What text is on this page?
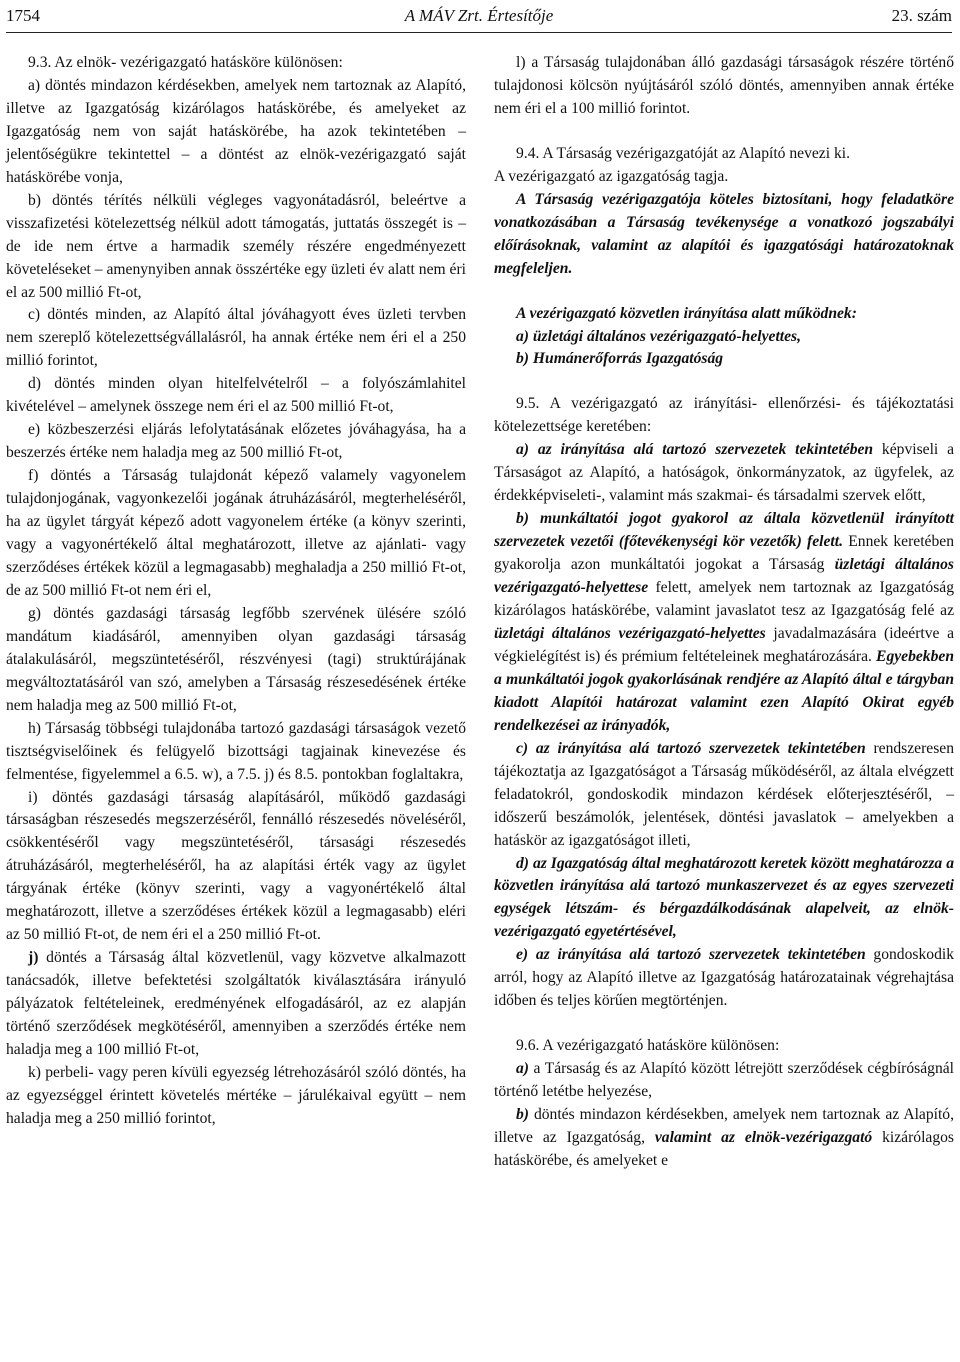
1754	A MÁV Zrt. Értesítője	23. szám

9.3. Az elnök- vezérigazgató hatásköre különösen:

a) döntés mindazon kérdésekben, amelyek nem tartoznak az Alapító, illetve az Igazgatóság kizárólagos hatáskörébe, és amelyeket az Igazgatóság nem von saját hatáskörébe, ha azok tekintetében – jelentőségükre tekintettel – a döntést az elnök-vezérigazgató saját hatáskörébe vonja,

b) döntés térítés nélküli végleges vagyonátadásról, beleértve a visszafizetési kötelezettség nélkül adott támogatás, juttatás összegét is – de ide nem értve a harmadik személy részére engedményezett követeléseket – amenynyiben annak összértéke egy üzleti év alatt nem éri el az 500 millió Ft-ot,

c) döntés minden, az Alapító által jóváhagyott éves üzleti tervben nem szereplő kötelezettségvállalásról, ha annak értéke nem éri el a 250 millió forintot,

d) döntés minden olyan hitelfelvételről – a folyószámlahitel kivételével – amelynek összege nem éri el az 500 millió Ft-ot,

e) közbeszerzési eljárás lefolytatásának előzetes jóváhagyása, ha a beszerzés értéke nem haladja meg az 500 millió Ft-ot,

f) döntés a Társaság tulajdonát képező valamely vagyonelem tulajdonjogának, vagyonkezelői jogának átruházásáról, megterheléséről, ha az ügylet tárgyát képező adott vagyonelem értéke (a könyv szerinti, vagy a vagyonértékelő által meghatározott, illetve az ajánlati- vagy szerződéses értékek közül a legmagasabb) meghaladja a 250 millió Ft-ot, de az 500 millió Ft-ot nem éri el,

g) döntés gazdasági társaság legfőbb szervének ülésére szóló mandátum kiadásáról, amennyiben olyan gazdasági társaság átalakulásáról, megszüntetéséről, részvényesi (tagi) struktúrájának megváltoztatásáról van szó, amelyben a Társaság részesedésének értéke nem haladja meg az 500 millió Ft-ot,

h) Társaság többségi tulajdonába tartozó gazdasági társaságok vezető tisztségviselőinek és felügyelő bizottsági tagjainak kinevezése és felmentése, figyelemmel a 6.5. w), a 7.5. j) és 8.5. pontokban foglaltakra,

i) döntés gazdasági társaság alapításáról, működő gazdasági társaságban részesedés megszerzéséről, fennálló részesedés növeléséről, csökkentéséről vagy megszüntetéséről, társasági részesedés átruházásáról, megterheléséről, ha az alapítási érték vagy az ügylet tárgyának értéke (könyv szerinti, vagy a vagyonértékelő által meghatározott, illetve a szerződéses értékek közül a legmagasabb) eléri az 50 millió Ft-ot, de nem éri el a 250 millió Ft-ot.

j) döntés a Társaság által közvetlenül, vagy közvetve alkalmazott tanácsadók, illetve befektetési szolgáltatók kiválasztására irányuló pályázatok feltételeinek, eredményének elfogadásáról, az ez alapján történő szerződések megkötéséről, amennyiben a szerződés értéke nem haladja meg a 100 millió Ft-ot,

k) perbeli- vagy peren kívüli egyezség létrehozásáról szóló döntés, ha az egyezséggel érintett követelés mértéke – járulékaival együtt – nem haladja meg a 250 millió forintot,

l) a Társaság tulajdonában álló gazdasági társaságok részére történő tulajdonosi kölcsön nyújtásáról szóló döntés, amennyiben annak értéke nem éri el a 100 millió forintot.

9.4. A Társaság vezérigazgatóját az Alapító nevezi ki.

A vezérigazgató az igazgatóság tagja.

A Társaság vezérigazgatója köteles biztosítani, hogy feladatköre vonatkozásában a Társaság tevékenysége a vonatkozó jogszabályi előírásoknak, valamint az alapítói és igazgatósági határozatoknak megfeleljen.

A vezérigazgató közvetlen irányítása alatt működnek:

a) üzletági általános vezérigazgató-helyettes,

b) Humánerőforrás Igazgatóság

9.5. A vezérigazgató az irányítási- ellenőrzési- és tájékoztatási kötelezettsége keretében:

a) az irányítása alá tartozó szervezetek tekintetében képviseli a Társaságot az Alapító, a hatóságok, önkormányzatok, az ügyfelek, az érdekképviseleti-, valamint más szakmai- és társadalmi szervek előtt,

b) munkáltatói jogot gyakorol az általa közvetlenül irányított szervezetek vezetői (főtevékenységi kör vezetők) felett. Ennek keretében gyakorolja azon munkáltatói jogokat a Társaság üzletági általános vezérigazgató-helyettese felett, amelyek nem tartoznak az Igazgatóság kizárólagos hatáskörébe, valamint javaslatot tesz az Igazgatóság felé az üzletági általános vezérigazgató-helyettes javadalmazására (ideértve a végkielégítést is) és prémium feltételeinek meghatározására. Egyebekben a munkáltatói jogok gyakorlásának rendjére az Alapító által e tárgyban kiadott Alapítói határozat valamint ezen Alapító Okirat egyéb rendelkezései az irányadók,

c) az irányítása alá tartozó szervezetek tekintetében rendszeresen tájékoztatja az Igazgatóságot a Társaság működéséről, az általa elvégzett feladatokról, gondoskodik mindazon kérdések előterjesztéséről, – időszerű beszámolók, jelentések, döntési javaslatok – amelyekben a hatáskör az igazgatóságot illeti,

d) az Igazgatóság által meghatározott keretek között meghatározza a közvetlen irányítása alá tartozó munkaszervezet és az egyes szervezeti egységek létszám- és bérgazdálkodásának alapelveit, az elnök-vezérigazgató egyetértésével,

e) az irányítása alá tartozó szervezetek tekintetében gondoskodik arról, hogy az Alapító illetve az Igazgatóság határozatainak végrehajtása időben és teljes körűen megtörténjen.

9.6. A vezérigazgató hatásköre különösen:

a) a Társaság és az Alapító között létrejött szerződések cégbíróságnál történő letétbe helyezése,

b) döntés mindazon kérdésekben, amelyek nem tartoznak az Alapító, illetve az Igazgatóság, valamint az elnök-vezérigazgató kizárólagos hatáskörébe, és amelyeket e
